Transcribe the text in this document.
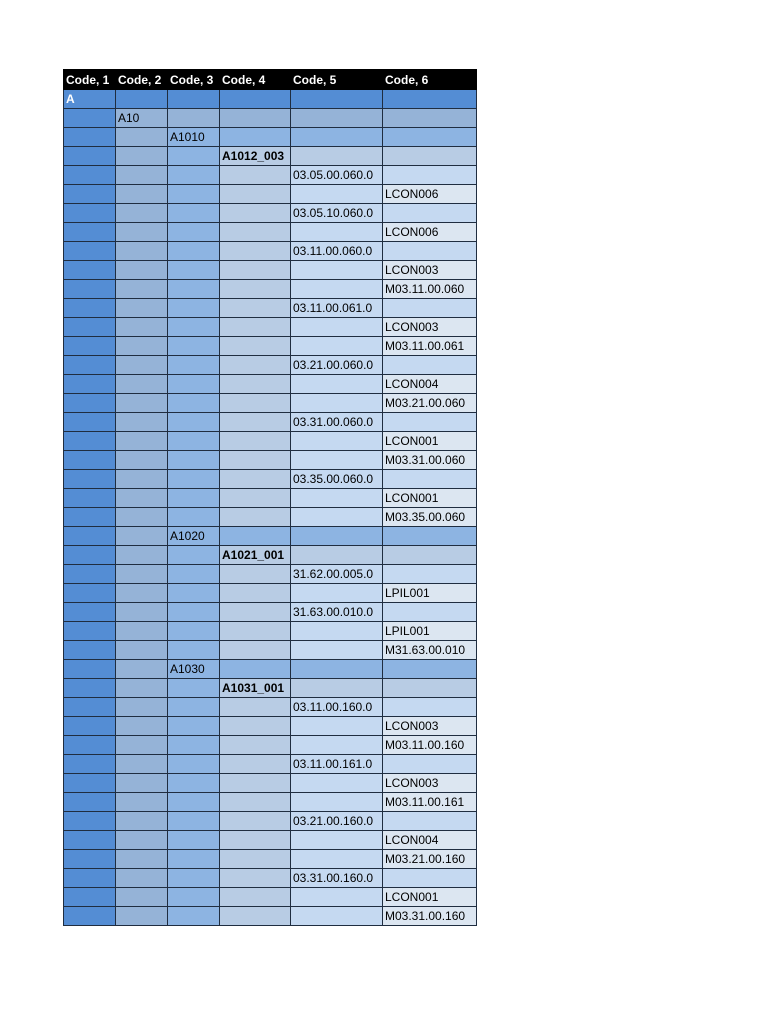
Code, 1	Code, 2	Code, 3	Code, 4	Code, 5	Code, 6
A					
	A10				
		A1010			
			A1012_003		
				03.05.00.060.0	
					LCON006
				03.05.10.060.0	
					LCON006
				03.11.00.060.0	
					LCON003
					M03.11.00.060
				03.11.00.061.0	
					LCON003
					M03.11.00.061
				03.21.00.060.0	
					LCON004
					M03.21.00.060
				03.31.00.060.0	
					LCON001
					M03.31.00.060
				03.35.00.060.0	
					LCON001
					M03.35.00.060
		A1020			
			A1021_001		
				31.62.00.005.0	
					LPIL001
				31.63.00.010.0	
					LPIL001
					M31.63.00.010
		A1030			
			A1031_001		
				03.11.00.160.0	
					LCON003
					M03.11.00.160
				03.11.00.161.0	
					LCON003
					M03.11.00.161
				03.21.00.160.0	
					LCON004
					M03.21.00.160
				03.31.00.160.0	
					LCON001
					M03.31.00.160
